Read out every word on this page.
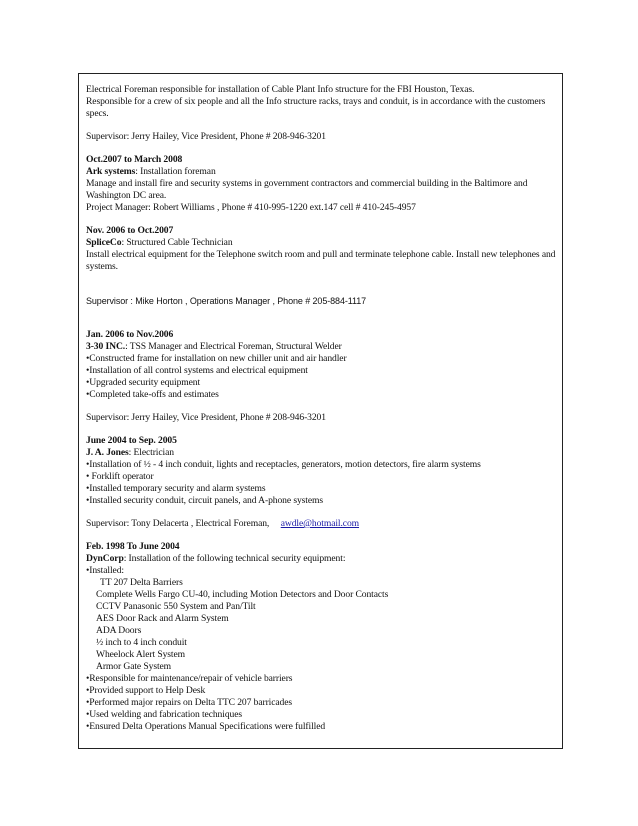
Electrical Foreman responsible for installation of Cable Plant Info structure for the FBI Houston, Texas.

Responsible for a crew of six people and all the Info structure racks, trays and conduit, is in accordance with the customers specs.

Supervisor: Jerry Hailey, Vice President, Phone # 208-946-3201

Oct.2007 to March 2008

Ark systems: Installation foreman

Manage and install fire and security systems in government contractors and commercial building in the Baltimore and Washington DC area.

Project Manager: Robert Williams , Phone # 410-995-1220 ext.147 cell # 410-245-4957

Nov. 2006 to Oct.2007

SpliceCo: Structured Cable Technician

Install electrical equipment for the Telephone switch room and pull and terminate telephone cable. Install new telephones and systems.

Supervisor : Mike Horton , Operations Manager , Phone # 205-884-1117

Jan. 2006 to Nov.2006

3-30 INC.: TSS Manager and Electrical Foreman, Structural Welder

•Constructed frame for installation on new chiller unit and air handler

•Installation of all control systems and electrical equipment

•Upgraded security equipment

•Completed take-offs and estimates

Supervisor: Jerry Hailey, Vice President, Phone # 208-946-3201

June 2004 to Sep. 2005

J. A. Jones: Electrician

•Installation of ½ - 4 inch conduit, lights and receptacles, generators, motion detectors, fire alarm systems

• Forklift operator

•Installed temporary security and alarm systems

•Installed security conduit, circuit panels, and A-phone systems

Supervisor: Tony Delacerta , Electrical Foreman, awdle@hotmail.com

Feb. 1998 To June 2004

DynCorp: Installation of the following technical security equipment:

•Installed:

TT 207 Delta Barriers

Complete Wells Fargo CU-40, including Motion Detectors and Door Contacts

CCTV Panasonic 550 System and Pan/Tilt

AES Door Rack and Alarm System

ADA Doors

½ inch to 4 inch conduit

Wheelock Alert System

Armor Gate System

•Responsible for maintenance/repair of vehicle barriers

•Provided support to Help Desk

•Performed major repairs on Delta TTC 207 barricades

•Used welding and fabrication techniques

•Ensured Delta Operations Manual Specifications were fulfilled
